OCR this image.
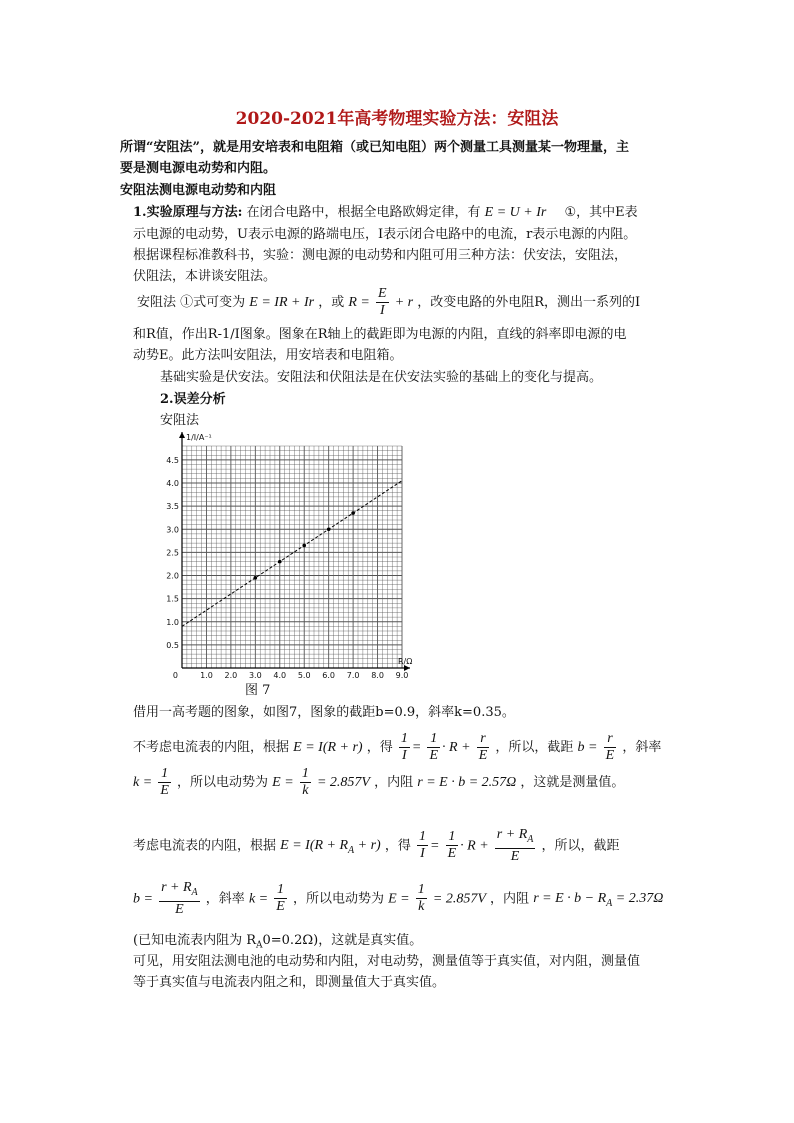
2020-2021年高考物理实验方法：安阻法
所谓“安阻法”，就是用安培表和电阻箱（或已知电阻）两个测量工具测量某一物理量，主
要是测电源电动势和内阻。
安阻法测电源电动势和内阻
1.实验原理与方法: 在闭合电路中，根据全电路欧姆定律，有 E = U + Ir ①，其中E表
示电源的电动势，U表示电源的路端电压，I表示闭合电路中的电流，r表示电源的内阻。
根据课程标准教科书，实验：测电源的电动势和内阻可用三种方法：伏安法，安阻法，
伏阻法，本讲谈安阻法。
安阻法 ①式可变为 E = IR + Ir ，或 $R = \frac{E}{I} + r$ ，改变电路的外电阻R，测出一系列的I
和R值，作出R-1/I图象。图象在R轴上的截距即为电源的内阻，直线的斜率即电源的电
动势E。此方法叫安阻法，用安培表和电阻箱。
基础实验是伏安法。安阻法和伏阻法是在伏安法实验的基础上的变化与提高。
2.误差分析
安阻法
0	1.0 2.0 3.0 4.0 5.0 6.0 7.0 8.0 9.0
0.5
1.0
1.5
2.0
2.5
3.0
3.5
4.0
4.5
1/I/A⁻¹
R/Ω
图 7
借用一高考题的图象，如图7，图象的截距b=0.9，斜率k=0.35。
不考虑电流表的内阻，根据 E = I(R + r) ，得 $\frac{1}{I} = \frac{1}{E} \cdot R + \frac{r}{E}$ ，所以，截距 $b = \frac{r}{E}$ ，斜率
$k = \frac{1}{E}$ ，所以电动势为 $E = \frac{1}{k} = 2.857V$ ，内阻 r = E · b = 2.57Ω ，这就是测量值。
考虑电流表的内阻，根据 $E = I(R + R_A + r)$ ，得 $\frac{1}{I} = \frac{1}{E} \cdot R + \frac{r + R_A}{E}$ ，所以，截距
$b = \frac{r + R_A}{E}$ ，斜率 $k = \frac{1}{E}$ ，所以电动势为 $E = \frac{1}{k} = 2.857V$ ，内阻 $r = E \cdot b - R_A = 2.37\Omega$
(已知电流表内阻为 $R_A0=0.2\Omega$)，这就是真实值。
可见，用安阻法测电池的电动势和内阻，对电动势，测量值等于真实值，对内阻，测量值
等于真实值与电流表内阻之和，即测量值大于真实值。
